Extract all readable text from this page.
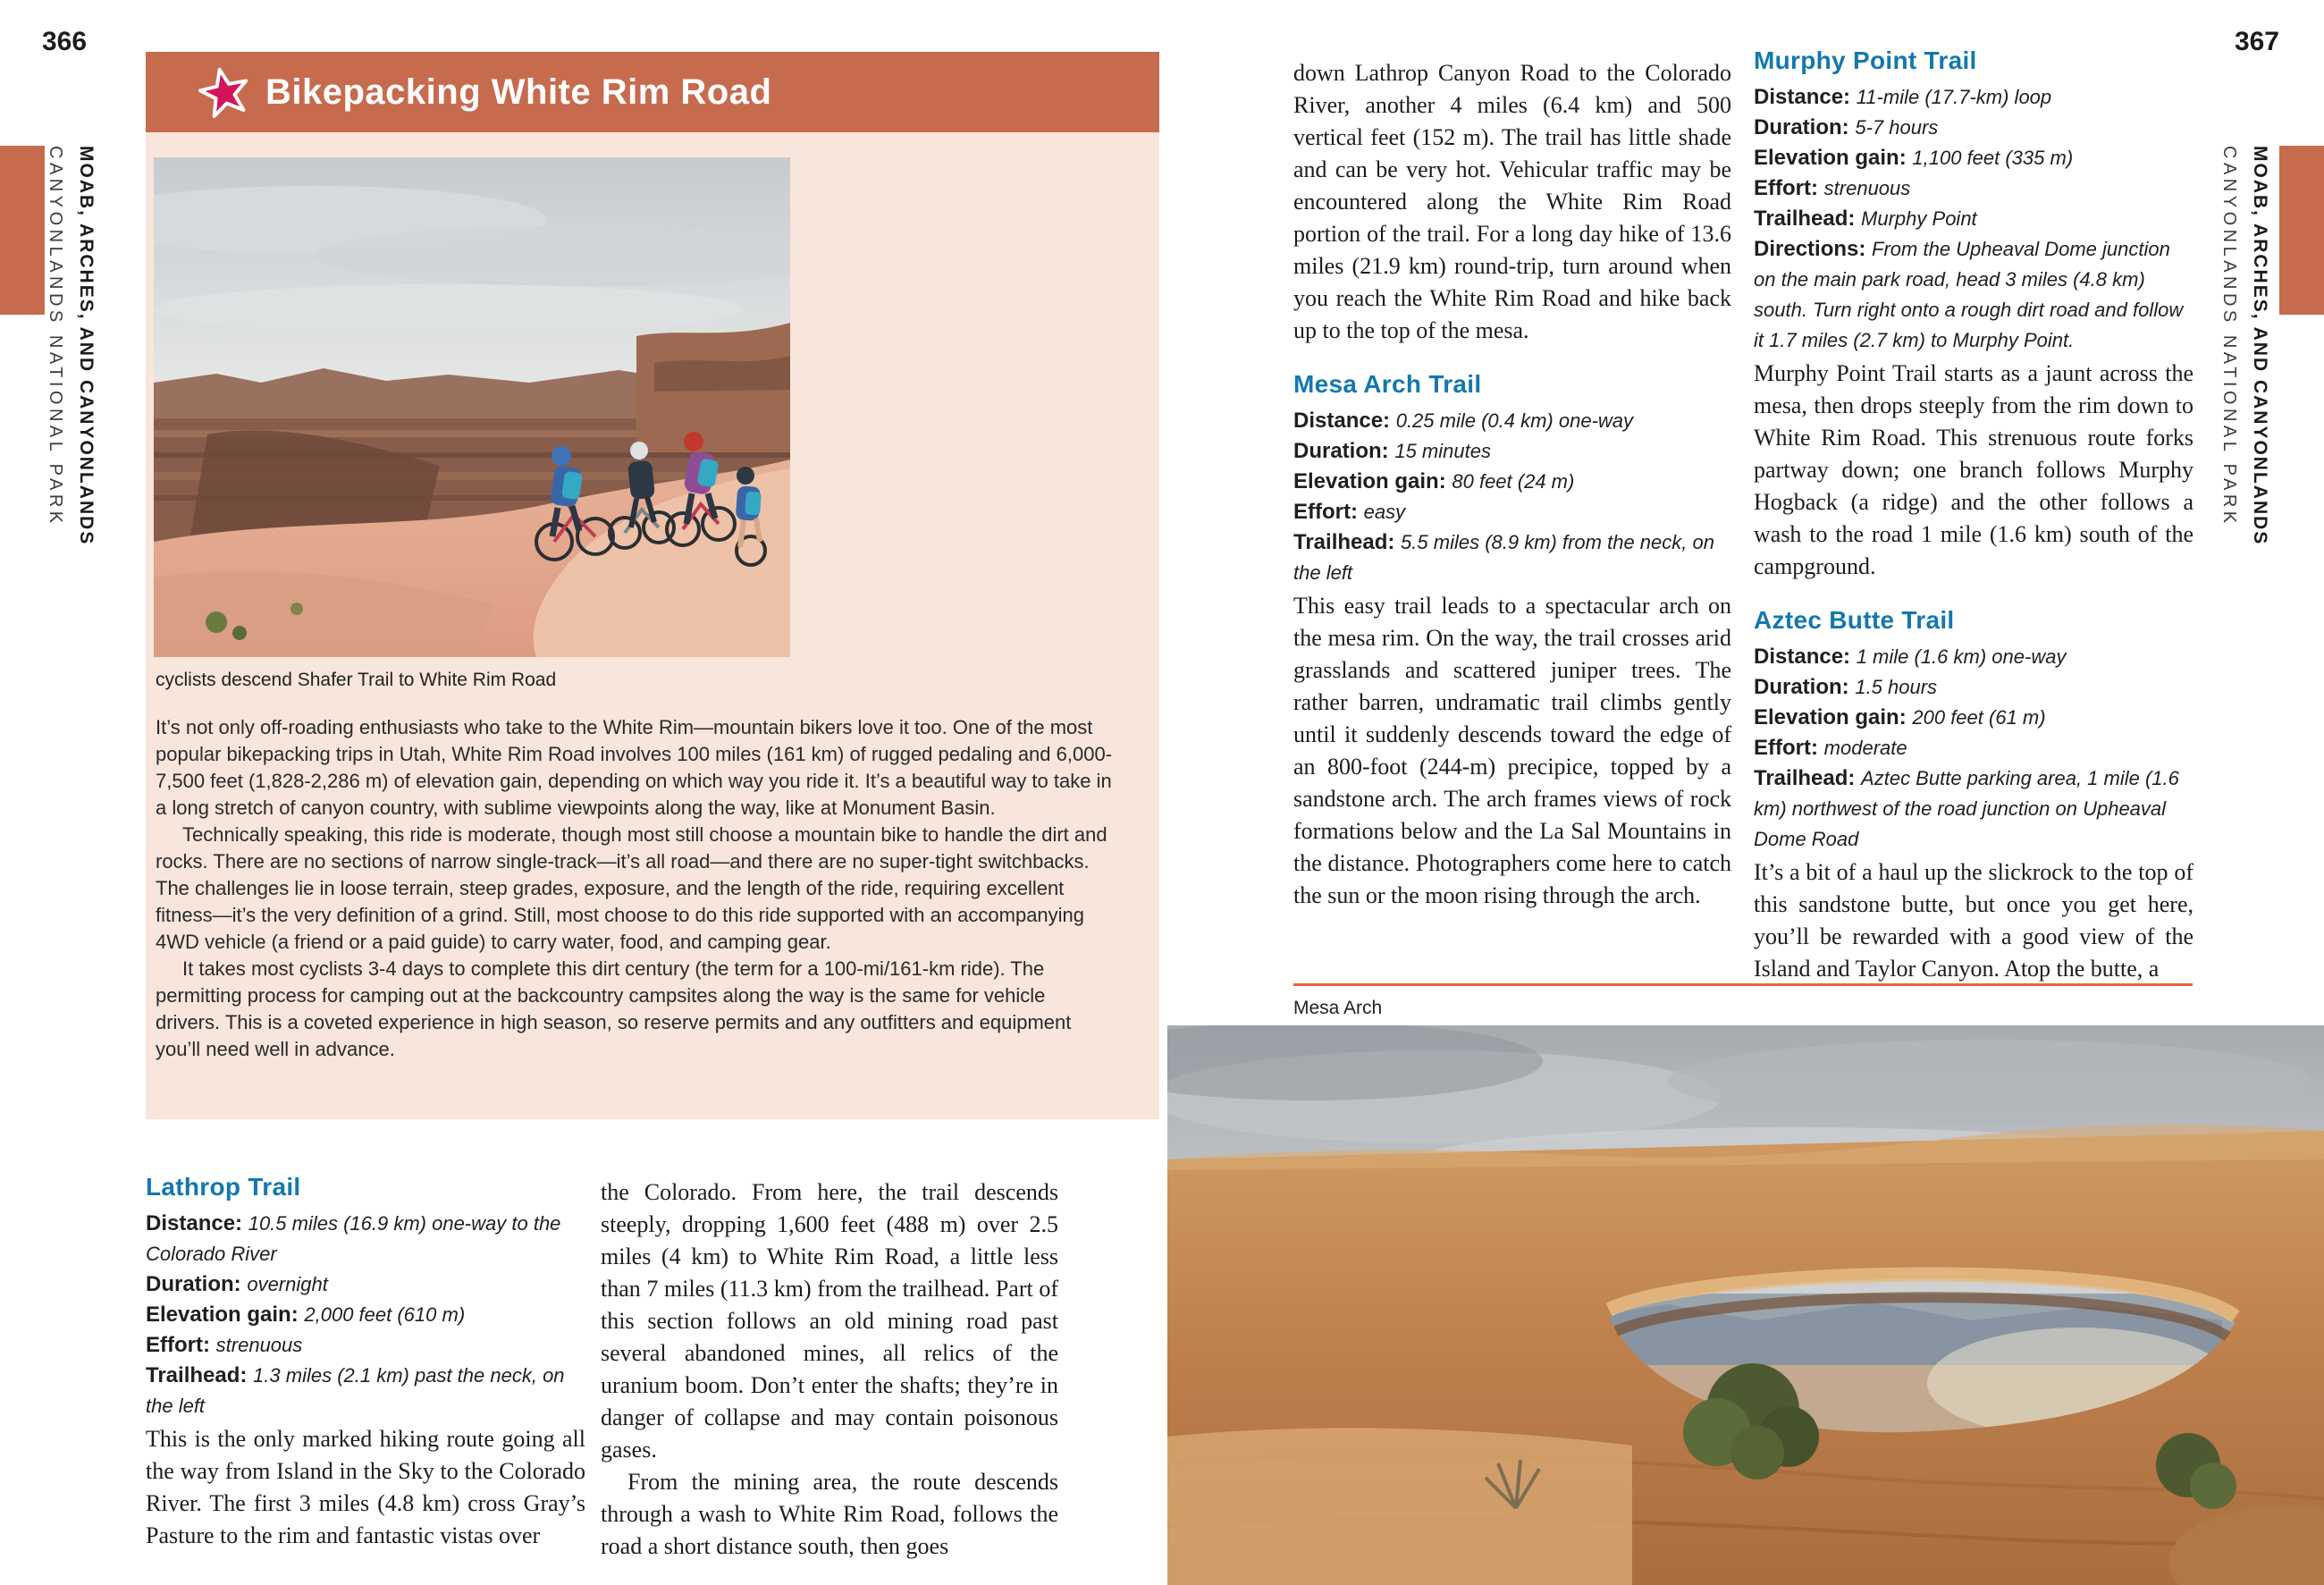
366	367
MOAB, ARCHES, AND CANYONLANDS
CANYONLANDS NATIONAL PARK	MOAB, ARCHES, AND CANYONLANDS
CANYONLANDS NATIONAL PARK
Bikepacking White Rim Road
cyclists descend Shafer Trail to White Rim Road

It’s not only off-roading enthusiasts who take to the White Rim—mountain bikers love it too. One of the most popular bikepacking trips in Utah, White Rim Road involves 100 miles (161 km) of rugged pedaling and 6,000-7,500 feet (1,828-2,286 m) of elevation gain, depending on which way you ride it. It’s a beautiful way to take in a long stretch of canyon country, with sublime viewpoints along the way, like at Monument Basin.

Technically speaking, this ride is moderate, though most still choose a mountain bike to handle the dirt and rocks. There are no sections of narrow single-track—it’s all road—and there are no super-tight switchbacks. The challenges lie in loose terrain, steep grades, exposure, and the length of the ride, requiring excellent fitness—it’s the very definition of a grind. Still, most choose to do this ride supported with an accompanying 4WD vehicle (a friend or a paid guide) to carry water, food, and camping gear.

It takes most cyclists 3-4 days to complete this dirt century (the term for a 100-mi/161-km ride). The permitting process for camping out at the backcountry campsites along the way is the same for vehicle drivers. This is a coveted experience in high season, so reserve permits and any outfitters and equipment you’ll need well in advance.

Lathrop Trail
Distance: 10.5 miles (16.9 km) one-way to the Colorado River
Duration: overnight
Elevation gain: 2,000 feet (610 m)
Effort: strenuous
Trailhead: 1.3 miles (2.1 km) past the neck, on the left

This is the only marked hiking route going all the way from Island in the Sky to the Colorado River. The first 3 miles (4.8 km) cross Gray’s Pasture to the rim and fantastic vistas over

the Colorado. From here, the trail descends steeply, dropping 1,600 feet (488 m) over 2.5 miles (4 km) to White Rim Road, a little less than 7 miles (11.3 km) from the trailhead. Part of this section follows an old mining road past several abandoned mines, all relics of the uranium boom. Don’t enter the shafts; they’re in danger of collapse and may contain poisonous gases.

From the mining area, the route descends through a wash to White Rim Road, follows the road a short distance south, then goes

down Lathrop Canyon Road to the Colorado River, another 4 miles (6.4 km) and 500 vertical feet (152 m). The trail has little shade and can be very hot. Vehicular traffic may be encountered along the White Rim Road portion of the trail. For a long day hike of 13.6 miles (21.9 km) round-trip, turn around when you reach the White Rim Road and hike back up to the top of the mesa.

Mesa Arch Trail
Distance: 0.25 mile (0.4 km) one-way
Duration: 15 minutes
Elevation gain: 80 feet (24 m)
Effort: easy
Trailhead: 5.5 miles (8.9 km) from the neck, on the left

This easy trail leads to a spectacular arch on the mesa rim. On the way, the trail crosses arid grasslands and scattered juniper trees. The rather barren, undramatic trail climbs gently until it suddenly descends toward the edge of an 800-foot (244-m) precipice, topped by a sandstone arch. The arch frames views of rock formations below and the La Sal Mountains in the distance. Photographers come here to catch the sun or the moon rising through the arch.

Murphy Point Trail
Distance: 11-mile (17.7-km) loop
Duration: 5-7 hours
Elevation gain: 1,100 feet (335 m)
Effort: strenuous
Trailhead: Murphy Point
Directions: From the Upheaval Dome junction on the main park road, head 3 miles (4.8 km) south. Turn right onto a rough dirt road and follow it 1.7 miles (2.7 km) to Murphy Point.

Murphy Point Trail starts as a jaunt across the mesa, then drops steeply from the rim down to White Rim Road. This strenuous route forks partway down; one branch follows Murphy Hogback (a ridge) and the other follows a wash to the road 1 mile (1.6 km) south of the campground.

Aztec Butte Trail
Distance: 1 mile (1.6 km) one-way
Duration: 1.5 hours
Elevation gain: 200 feet (61 m)
Effort: moderate
Trailhead: Aztec Butte parking area, 1 mile (1.6 km) northwest of the road junction on Upheaval Dome Road

It’s a bit of a haul up the slickrock to the top of this sandstone butte, but once you get here, you’ll be rewarded with a good view of the Island and Taylor Canyon. Atop the butte, a

Mesa Arch
